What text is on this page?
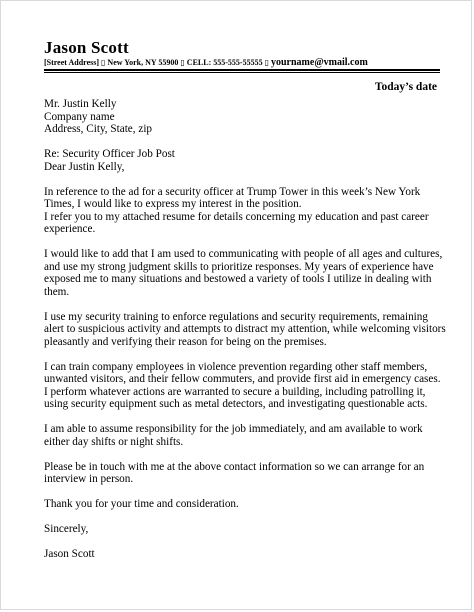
Jason Scott
[Street Address] ▯ New York, NY 55900 ▯ CELL: 555-555-55555 ▯ yourname@vmail.com
Today’s date

Mr. Justin Kelly

Company name

Address, City, State, zip

Re: Security Officer Job Post

Dear Justin Kelly,

In reference to the ad for a security officer at Trump Tower in this week’s New York Times, I would like to express my interest in the position.

I refer you to my attached resume for details concerning my education and past career experience.

I would like to add that I am used to communicating with people of all ages and cultures, and use my strong judgment skills to prioritize responses. My years of experience have exposed me to many situations and bestowed a variety of tools I utilize in dealing with them.

I use my security training to enforce regulations and security requirements, remaining alert to suspicious activity and attempts to distract my attention, while welcoming visitors pleasantly and verifying their reason for being on the premises.

I can train company employees in violence prevention regarding other staff members, unwanted visitors, and their fellow commuters, and provide first aid in emergency cases.

I perform whatever actions are warranted to secure a building, including patrolling it, using security equipment such as metal detectors, and investigating questionable acts.

I am able to assume responsibility for the job immediately, and am available to work either day shifts or night shifts.

Please be in touch with me at the above contact information so we can arrange for an interview in person.

Thank you for your time and consideration.

Sincerely,

Jason Scott
